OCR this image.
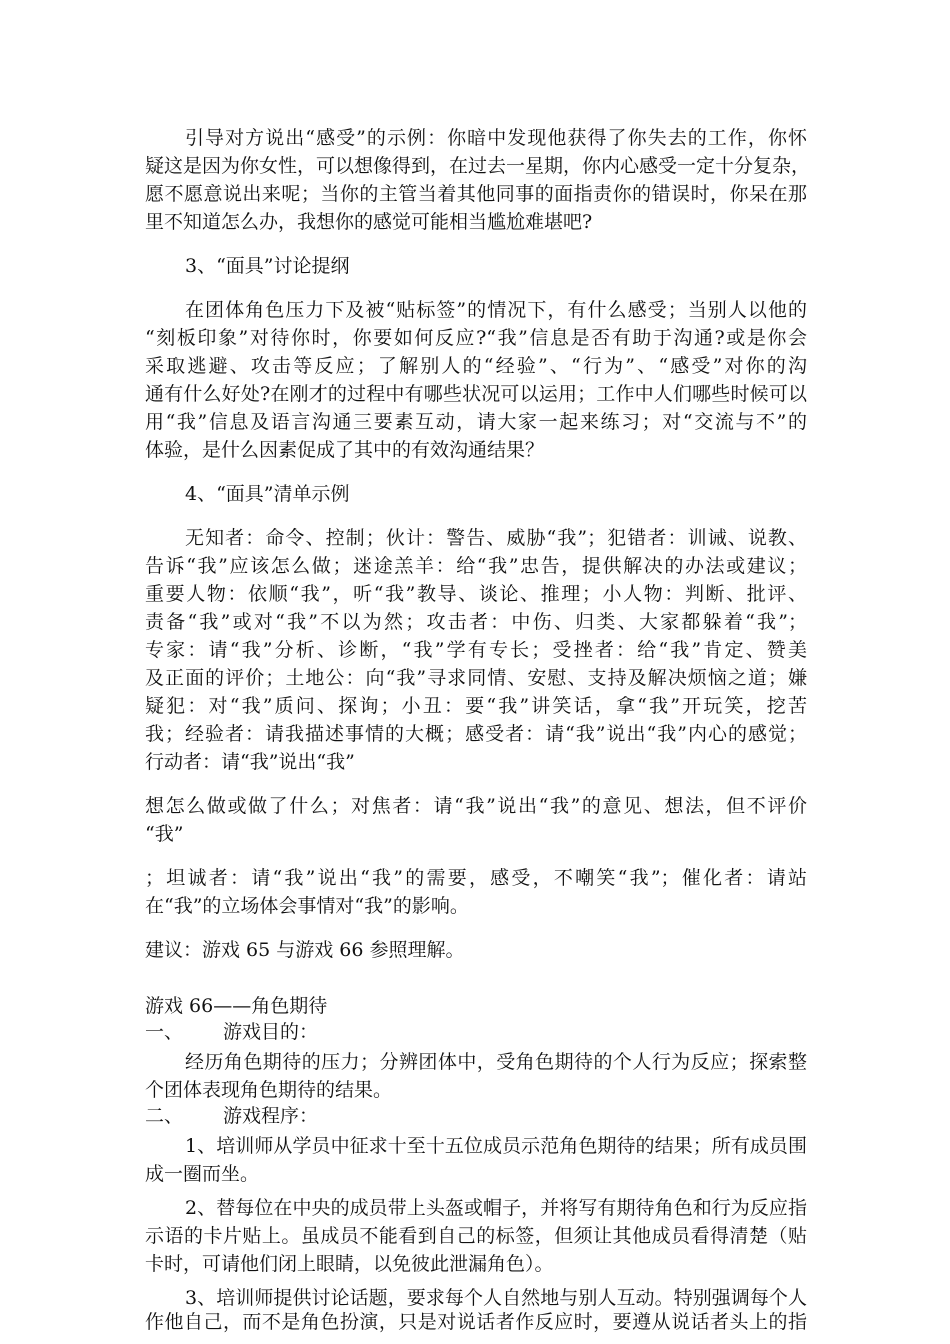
引导对方说出“感受”的示例：你暗中发现他获得了你失去的工作，你怀
疑这是因为你女性，可以想像得到，在过去一星期，你内心感受一定十分复杂，
愿不愿意说出来呢；当你的主管当着其他同事的面指责你的错误时，你呆在那
里不知道怎么办，我想你的感觉可能相当尴尬难堪吧?
3、“面具”讨论提纲
在团体角色压力下及被“贴标签”的情况下，有什么感受；当别人以他的
“刻板印象”对待你时，你要如何反应?“我”信息是否有助于沟通?或是你会
采取逃避、攻击等反应；了解别人的“经验”、“行为”、“感受”对你的沟
通有什么好处?在刚才的过程中有哪些状况可以运用；工作中人们哪些时候可以
用“我”信息及语言沟通三要素互动，请大家一起来练习；对“交流与不”的
体验，是什么因素促成了其中的有效沟通结果？
4、“面具”清单示例
无知者：命令、控制；伙计：警告、威胁“我”；犯错者：训诫、说教、
告诉“我”应该怎么做；迷途羔羊：给“我”忠告，提供解决的办法或建议；
重要人物：依顺“我”，听“我”教导、谈论、推理；小人物：判断、批评、
责备“我”或对“我”不以为然；攻击者：中伤、归类、大家都躲着“我”；
专家：请“我”分析、诊断，“我”学有专长；受挫者：给“我”肯定、赞美
及正面的评价；土地公：向“我”寻求同情、安慰、支持及解决烦恼之道；嫌
疑犯：对“我”质问、探询；小丑：要“我”讲笑话，拿“我”开玩笑，挖苦
我；经验者：请我描述事情的大概；感受者：请“我”说出“我”内心的感觉；
行动者：请“我”说出“我”
想怎么做或做了什么；对焦者：请“我”说出“我”的意见、想法，但不评价
“我”
；坦诚者：请“我”说出“我”的需要，感受，不嘲笑“我”；催化者：请站
在“我”的立场体会事情对“我”的影响。
建议：游戏 65 与游戏 66 参照理解。
游戏 66——角色期待
一、 游戏目的：
经历角色期待的压力；分辨团体中，受角色期待的个人行为反应；探索整
个团体表现角色期待的结果。
二、 游戏程序：
1、培训师从学员中征求十至十五位成员示范角色期待的结果；所有成员围
成一圈而坐。
2、替每位在中央的成员带上头盔或帽子，并将写有期待角色和行为反应指
示语的卡片贴上。虽成员不能看到自己的标签，但须让其他成员看得清楚（贴
卡时，可请他们闭上眼睛，以免彼此泄漏角色）。
3、培训师提供讨论话题，要求每个人自然地与别人互动。特别强调每个人
作他自己，而不是角色扮演，只是对说话者作反应时，要遵从说话者头上的指
